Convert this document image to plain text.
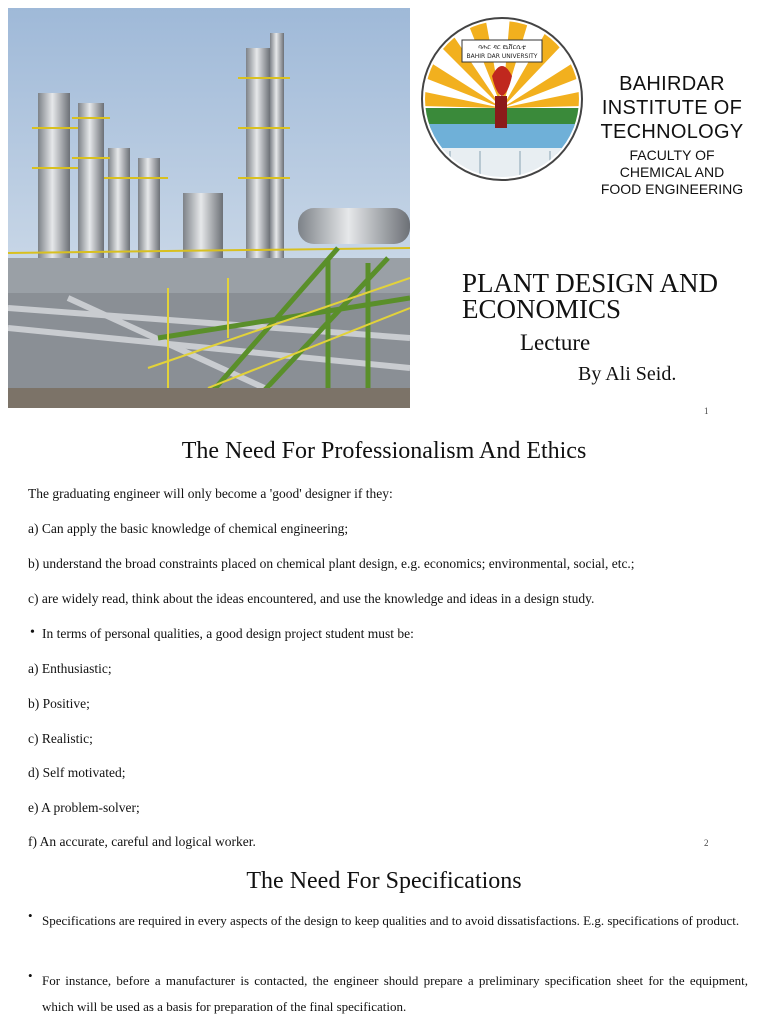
ባሕር ዳር ዩኒቨርሲቲ
BAHIR DAR UNIVERSITY
BAHIRDAR
INSTITUTE OF
TECHNOLOGY
FACULTY OF
CHEMICAL AND
FOOD ENGINEERING
PLANT DESIGN AND
ECONOMICS
Lecture
By Ali Seid.
1
The Need For Professionalism And Ethics
The graduating engineer will only become a 'good' designer if they:
a) Can apply the basic knowledge of chemical engineering;
b) understand the broad constraints placed on chemical plant design, e.g. economics; environmental, social, etc.;
c) are widely read, think about the ideas encountered, and use the knowledge and ideas in a design study.
• In terms of personal qualities, a good design project student must be:
a) Enthusiastic;
b) Positive;
c) Realistic;
d) Self motivated;
e) A problem-solver;
f) An accurate, careful and logical worker.	2
The Need For Specifications
• Specifications are required in every aspects of the design to keep qualities and to avoid dissatisfactions. E.g. specifications of product.
• For instance, before a manufacturer is contacted, the engineer should prepare a preliminary specification sheet for the equipment, which will be used as a basis for preparation of the final specification.
